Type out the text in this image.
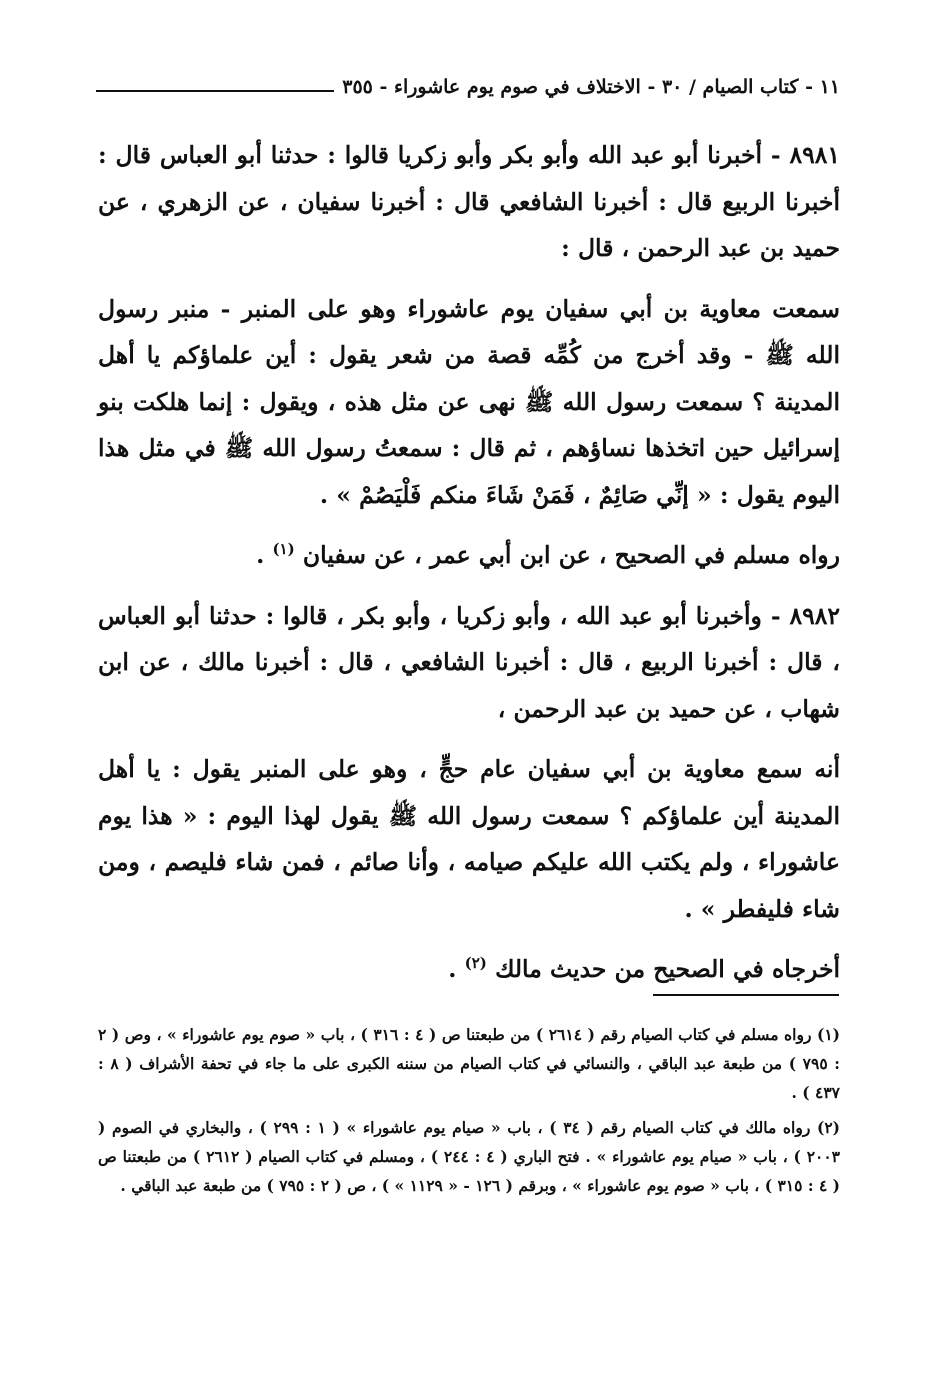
١١ - كتاب الصيام / ٣٠ - الاختلاف في صوم يوم عاشوراء - ٣٥٥

٨٩٨١ - أخبرنا أبو عبد الله وأبو بكر وأبو زكريا قالوا : حدثنا أبو العباس قال : أخبرنا الربيع قال : أخبرنا الشافعي قال : أخبرنا سفيان ، عن الزهري ، عن حميد بن عبد الرحمن ، قال :

سمعت معاوية بن أبي سفيان يوم عاشوراء وهو على المنبر - منبر رسول الله ﷺ - وقد أخرج من كُمِّه قصة من شعر يقول : أين علماؤكم يا أهل المدينة ؟ سمعت رسول الله ﷺ نهى عن مثل هذه ، ويقول : إنما هلكت بنو إسرائيل حين اتخذها نساؤهم ، ثم قال : سمعتُ رسول الله ﷺ في مثل هذا اليوم يقول : « إنِّي صَائِمٌ ، فَمَنْ شَاءَ منكم فَلْيَصُمْ » .

رواه مسلم في الصحيح ، عن ابن أبي عمر ، عن سفيان $^{(١)}$ .

٨٩٨٢ - وأخبرنا أبو عبد الله ، وأبو زكريا ، وأبو بكر ، قالوا : حدثنا أبو العباس ، قال : أخبرنا الربيع ، قال : أخبرنا الشافعي ، قال : أخبرنا مالك ، عن ابن شهاب ، عن حميد بن عبد الرحمن ،

أنه سمع معاوية بن أبي سفيان عام حجٍّ ، وهو على المنبر يقول : يا أهل المدينة أين علماؤكم ؟ سمعت رسول الله ﷺ يقول لهذا اليوم : « هذا يوم عاشوراء ، ولم يكتب الله عليكم صيامه ، وأنا صائم ، فمن شاء فليصم ، ومن شاء فليفطر » .

أخرجاه في الصحيح من حديث مالك $^{(٢)}$ .

(١) رواه مسلم في كتاب الصيام رقم ( ٢٦١٤ ) من طبعتنا ص ( ٤ : ٣١٦ ) ، باب « صوم يوم عاشوراء » ، وص ( ٢ : ٧٩٥ ) من طبعة عبد الباقي ، والنسائي في كتاب الصيام من سننه الكبرى على ما جاء في تحفة الأشراف ( ٨ : ٤٣٧ ) .

(٢) رواه مالك في كتاب الصيام رقم ( ٣٤ ) ، باب « صيام يوم عاشوراء » ( ١ : ٢٩٩ ) ، والبخاري في الصوم ( ٢٠٠٣ ) ، باب « صيام يوم عاشوراء » . فتح الباري ( ٤ : ٢٤٤ ) ، ومسلم في كتاب الصيام ( ٢٦١٢ ) من طبعتنا ص ( ٤ : ٣١٥ ) ، باب « صوم يوم عاشوراء » ، وبرقم ( ١٢٦ - « ١١٢٩ » ) ، ص ( ٢ : ٧٩٥ ) من طبعة عبد الباقي .
